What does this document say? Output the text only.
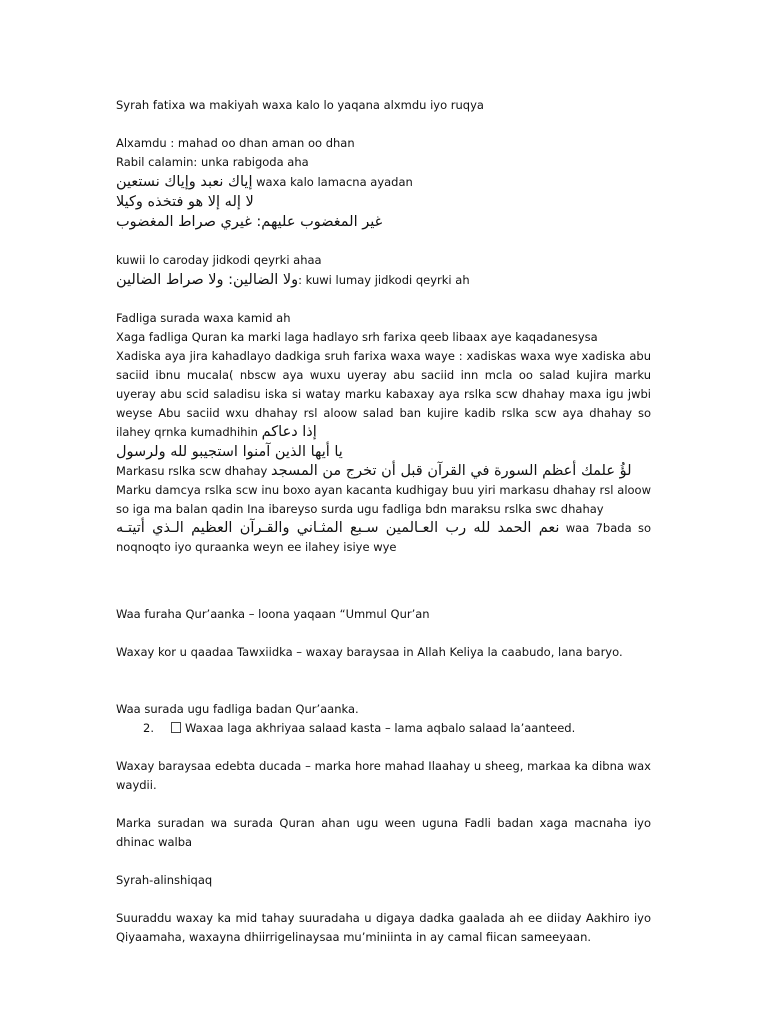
Syrah fatixa wa makiyah waxa kalo lo yaqana alxmdu iyo ruqya

Alxamdu : mahad oo dhan aman oo dhan

Rabil calamin: unka rabigoda aha

إياك نعبد وإياك نستعين waxa kalo lamacna ayadan

لا إله إلا هو فتخذه وكيلا

غير المغضوب عليهم: غيري صراط المغضوب

kuwii lo caroday jidkodi qeyrki ahaa

ولا الضالين: ولا صراط الضالين: kuwi lumay jidkodi qeyrki ah

Fadliga surada waxa kamid ah

Xaga fadliga Quran ka marki laga hadlayo srh farixa qeeb libaax aye kaqadanesysa

Xadiska aya jira kahadlayo dadkiga sruh farixa waxa waye : xadiskas waxa wye xadiska abu saciid ibnu mucala( nbscw aya wuxu uyeray abu saciid inn mcla oo salad kujira marku uyeray abu scid saladisu iska si watay marku kabaxay aya rslka scw dhahay maxa igu jwbi weyse Abu saciid wxu dhahay rsl aloow salad ban kujire kadib rslka scw aya dhahay so ilahey qrnka kumadhihin إذا دعاكم

يا أيها الذين آمنوا استجيبو لله ولرسول

Markasu rslka scw dhahay لؤُ علمك أعظم السورة في القرآن قبل أن تخرج من المسجد

Marku damcya rslka scw inu boxo ayan kacanta kudhigay buu yiri markasu dhahay rsl aloow so iga ma balan qadin Ina ibareyso surda ugu fadliga bdn maraksu rslka swc dhahay

نعم الحمد لله رب العـالمين سـبع المثـاني والقـرآن العظيم الـذي أتيتـه waa 7bada so noqnoqto iyo quraanka weyn ee ilahey isiye wye

Waa furaha Qur’aanka – loona yaqaan “Ummul Qur’an

Waxay kor u qaadaa Tawxiidka – waxay baraysaa in Allah Keliya la caabudo, lana baryo.

Waa surada ugu fadliga badan Qur’aanka.

2.	Waxaa laga akhriyaa salaad kasta – lama aqbalo salaad la’aanteed.

Waxay baraysaa edebta ducada – marka hore mahad Ilaahay u sheeg, markaa ka dibna wax waydii.

Marka suradan wa surada Quran ahan ugu ween uguna Fadli badan xaga macnaha iyo dhinac walba

Syrah-alinshiqaq

Suuraddu waxay ka mid tahay suuradaha u digaya dadka gaalada ah ee diiday Aakhiro iyo Qiyaamaha, waxayna dhiirrigelinaysaa mu’miniinta in ay camal fiican sameeyaan.
